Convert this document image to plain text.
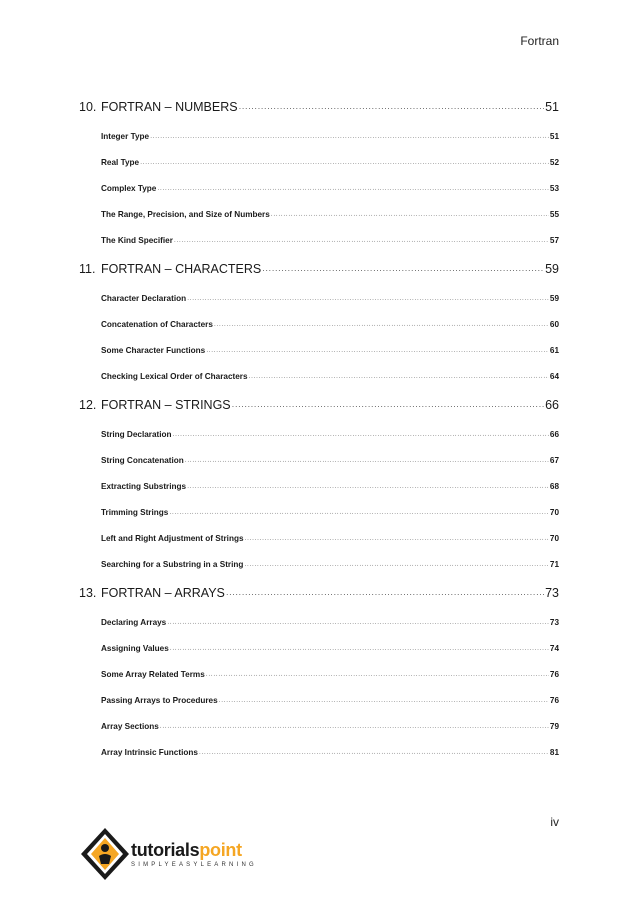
Fortran
10. FORTRAN – NUMBERS ·····	51
Integer Type ·····	51
Real Type ·····	52
Complex Type ·····	53
The Range, Precision, and Size of Numbers ·····	55
The Kind Specifier ·····	57
11. FORTRAN – CHARACTERS ·····	59
Character Declaration ·····	59
Concatenation of Characters ·····	60
Some Character Functions ·····	61
Checking Lexical Order of Characters ·····	64
12. FORTRAN – STRINGS ·····	66
String Declaration ·····	66
String Concatenation ·····	67
Extracting Substrings ·····	68
Trimming Strings ·····	70
Left and Right Adjustment of Strings ·····	70
Searching for a Substring in a String ·····	71
13. FORTRAN – ARRAYS ·····	73
Declaring Arrays ·····	73
Assigning Values ·····	74
Some Array Related Terms ·····	76
Passing Arrays to Procedures ·····	76
Array Sections ·····	79
Array Intrinsic Functions ·····	81
iv
tutorialspoint
SIMPLYEASYLEARNING
